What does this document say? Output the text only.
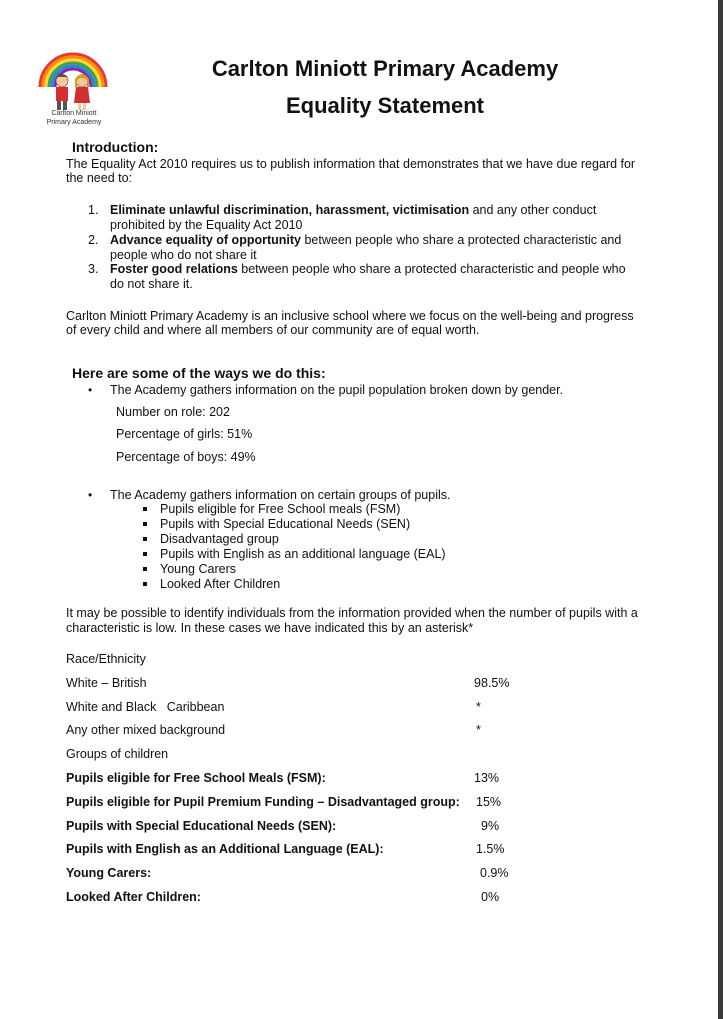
Carlton Miniott
Primary Academy
Carlton Miniott Primary Academy
Equality Statement
Introduction:
The Equality Act 2010 requires us to publish information that demonstrates that we have due regard for
the need to:
1. Eliminate unlawful discrimination, harassment, victimisation and any other conduct
prohibited by the Equality Act 2010
2. Advance equality of opportunity between people who share a protected characteristic and
people who do not share it
3. Foster good relations between people who share a protected characteristic and people who
do not share it.
Carlton Miniott Primary Academy is an inclusive school where we focus on the well-being and progress
of every child and where all members of our community are of equal worth.
Here are some of the ways we do this:
• The Academy gathers information on the pupil population broken down by gender.
Number on role: 202
Percentage of girls: 51%
Percentage of boys: 49%
• The Academy gathers information on certain groups of pupils.
Pupils eligible for Free School meals (FSM)
Pupils with Special Educational Needs (SEN)
Disadvantaged group
Pupils with English as an additional language (EAL)
Young Carers
Looked After Children
It may be possible to identify individuals from the information provided when the number of pupils with a
characteristic is low. In these cases we have indicated this by an asterisk*
Race/Ethnicity
White – British	98.5%
White and Black   Caribbean	*
Any other mixed background	*
Groups of children
Pupils eligible for Free School Meals (FSM):	13%
Pupils eligible for Pupil Premium Funding – Disadvantaged group: 15%
Pupils with Special Educational Needs (SEN):	9%
Pupils with English as an Additional Language (EAL):	1.5%
Young Carers:	0.9%
Looked After Children:	0%
